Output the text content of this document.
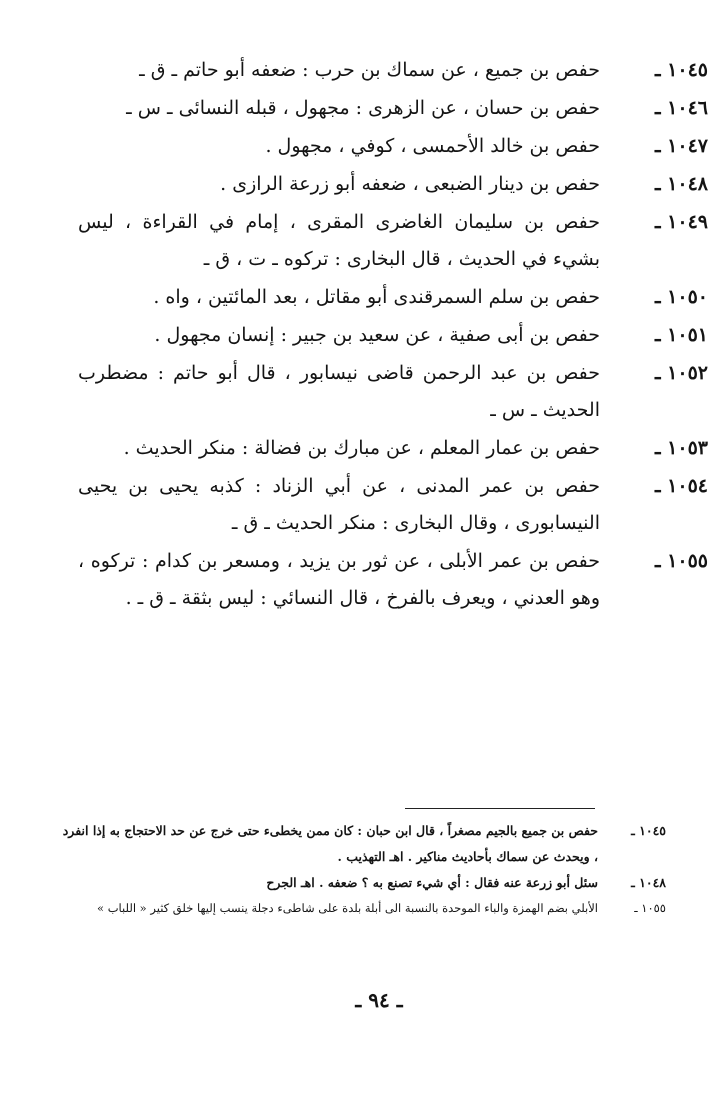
١٠٤٥ ـ
حفص بن جميع ، عن سماك بن حرب : ضعفه أبو حاتم ـ ق ـ
١٠٤٦ ـ
حفص بن حسان ، عن الزهرى : مجهول ، قبله النسائى ـ س ـ
١٠٤٧ ـ
حفص بن خالد الأحمسى ، كوفي ، مجهول .
١٠٤٨ ـ
حفص بن دينار الضبعى ، ضعفه أبو زرعة الرازى .
١٠٤٩ ـ
حفص بن سليمان الغاضرى المقرى ، إمام في القراءة ، ليس بشيء في الحديث ، قال البخارى : تركوه ـ ت ، ق ـ
١٠٥٠ ـ
حفص بن سلم السمرقندى أبو مقاتل ، بعد المائتين ، واه .
١٠٥١ ـ
حفص بن أبى صفية ، عن سعيد بن جبير : إنسان مجهول .
١٠٥٢ ـ
حفص بن عبد الرحمن قاضى نيسابور ، قال أبو حاتم : مضطرب الحديث ـ س ـ
١٠٥٣ ـ
حفص بن عمار المعلم ، عن مبارك بن فضالة : منكر الحديث .
١٠٥٤ ـ
حفص بن عمر المدنى ، عن أبي الزناد : كذبه يحيى بن يحيى النيسابورى ، وقال البخارى : منكر الحديث ـ ق ـ
١٠٥٥ ـ
حفص بن عمر الأبلى ، عن ثور بن يزيد ، ومسعر بن كدام : تركوه ، وهو العدني ، ويعرف بالفرخ ، قال النسائي : ليس بثقة ـ ق ـ .
١٠٤٥ ـ
حفص بن جميع بالجيم مصغراً ، قال ابن حبان : كان ممن يخطىء حتى خرج عن حد الاحتجاج به إذا انفرد ، ويحدث عن سماك بأحاديث مناكير . اهـ التهذيب .
١٠٤٨ ـ
سئل أبو زرعة عنه فقال : أي شيء تصنع به ؟ ضعفه . اهـ الجرح
١٠٥٥ ـ
الأبلي بضم الهمزة والباء الموحدة بالنسبة الى أبلة بلدة على شاطىء دجلة ينسب إليها خلق كثير « اللباب »
ـ ٩٤ ـ
